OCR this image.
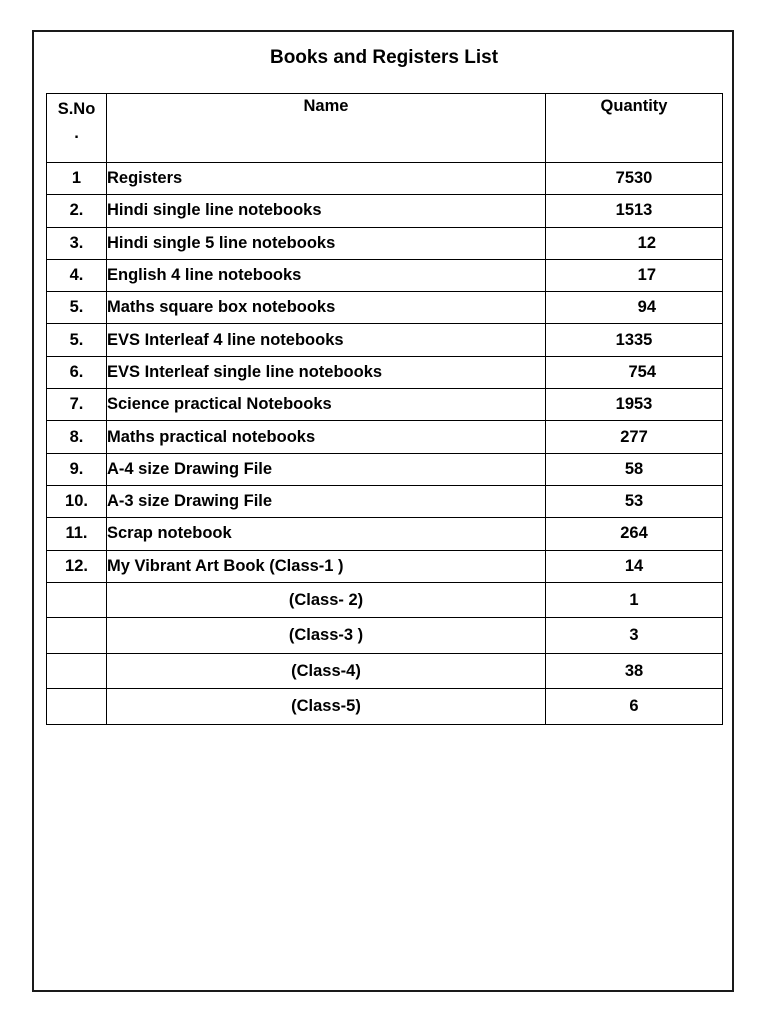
Books and Registers List
S.No
.	Name	Quantity
1	Registers	7530
2.	Hindi single line notebooks	1513
3.	Hindi single 5 line notebooks	12
4.	English 4 line notebooks	17
5.	Maths square box notebooks	94
5.	EVS Interleaf 4 line notebooks	1335
6.	EVS Interleaf single line notebooks	754
7.	Science practical Notebooks	1953
8.	Maths practical notebooks	277
9.	A-4 size Drawing File	58
10.	A-3 size Drawing File	53
11.	Scrap notebook	264
12.	My Vibrant Art Book (Class-1 )	14
	(Class- 2)	1
	(Class-3 )	3
	(Class-4)	38
	(Class-5)	6
